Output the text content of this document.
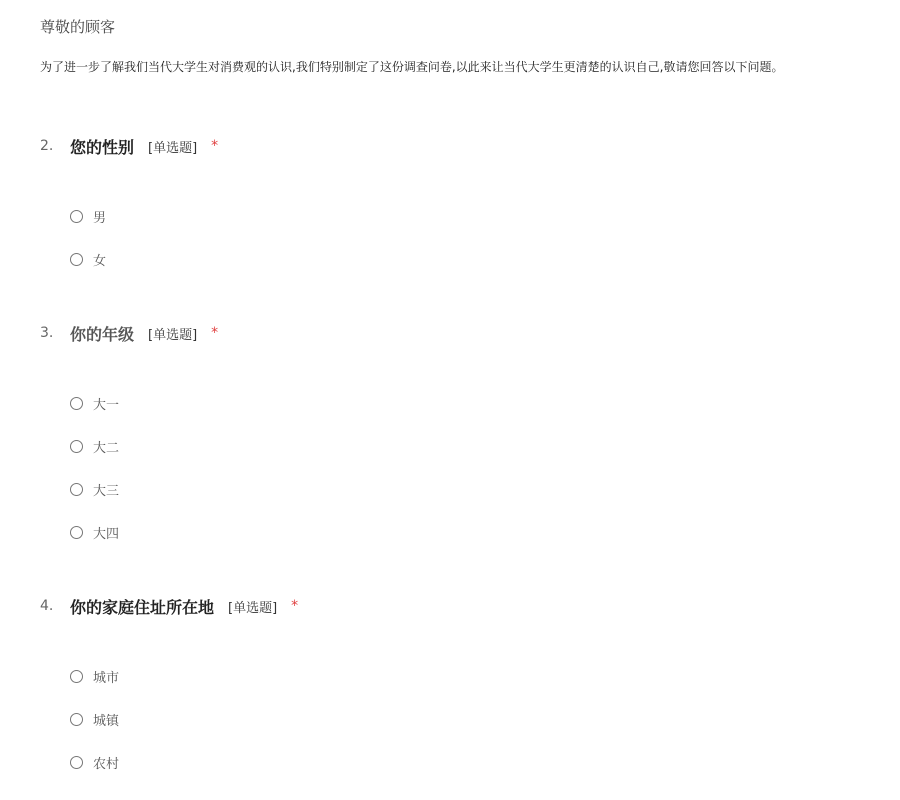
尊敬的顾客
为了进一步了解我们当代大学生对消费观的认识,我们特别制定了这份调查问卷,以此来让当代大学生更清楚的认识自己,敬请您回答以下问题。
2.	您的性别 [单选题] *
男
女
3.	你的年级 [单选题] *
大一
大二
大三
大四
4.	你的家庭住址所在地 [单选题] *
城市
城镇
农村
